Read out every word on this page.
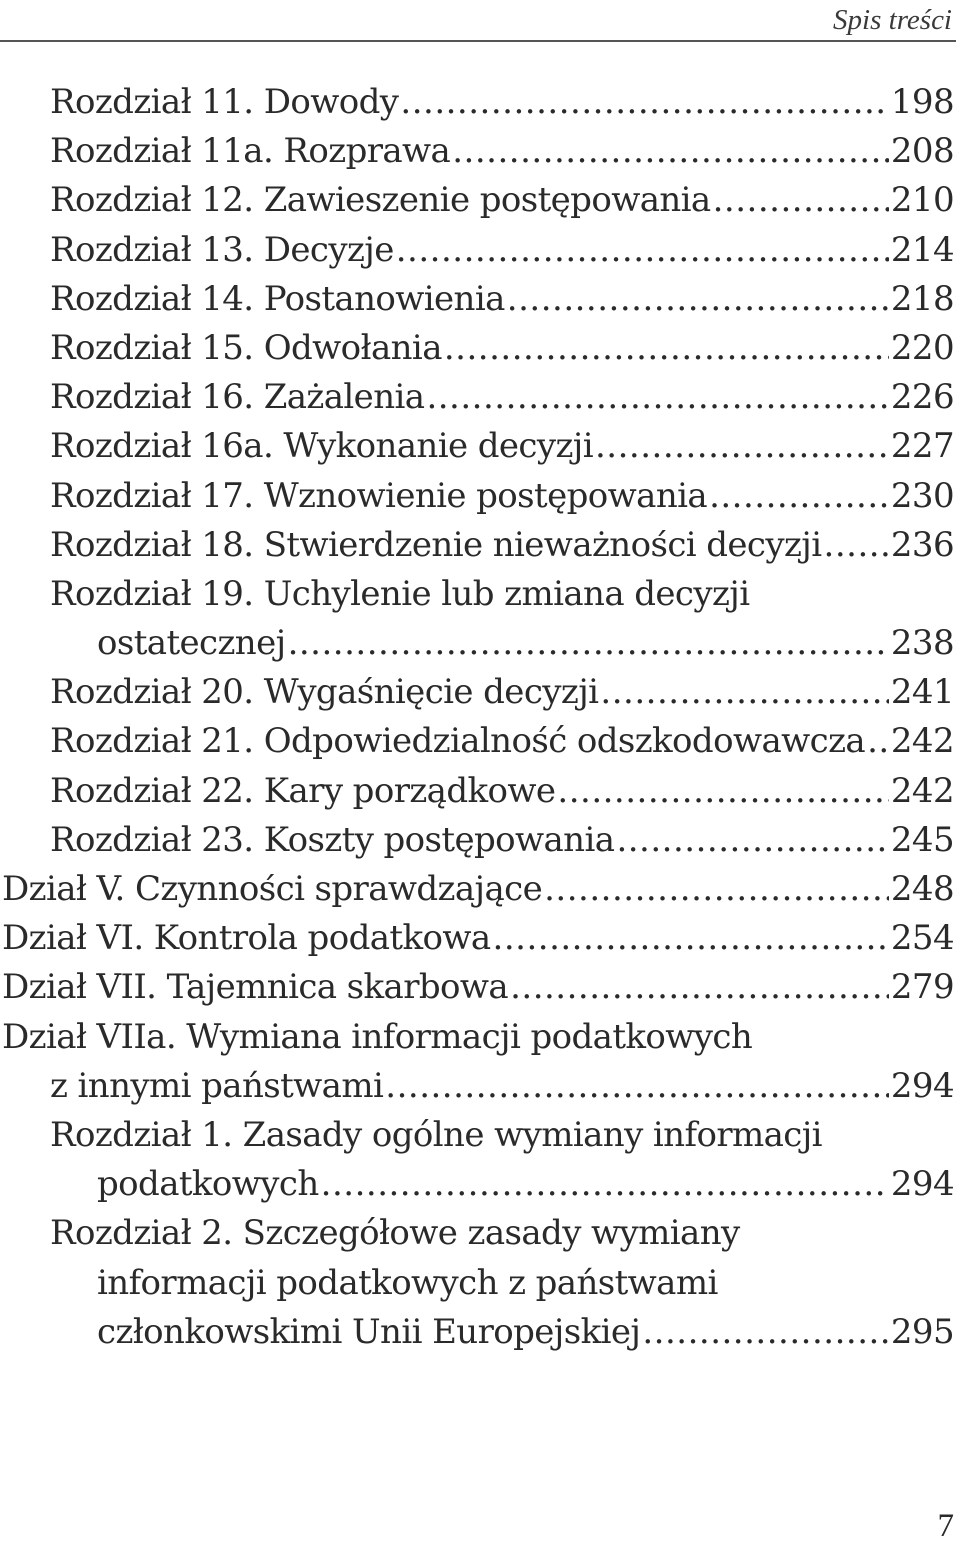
Spis treści
Rozdział 11. Dowody .....	198
Rozdział 11a. Rozprawa .....	208
Rozdział 12. Zawieszenie postępowania .....	210
Rozdział 13. Decyzje .....	214
Rozdział 14. Postanowienia .....	218
Rozdział 15. Odwołania .....	220
Rozdział 16. Zażalenia .....	226
Rozdział 16a. Wykonanie decyzji .....	227
Rozdział 17. Wznowienie postępowania .....	230
Rozdział 18. Stwierdzenie nieważności decyzji ..... 236
Rozdział 19. Uchylenie lub zmiana decyzji
ostatecznej .....	238
Rozdział 20. Wygaśnięcie decyzji .....	241
Rozdział 21. Odpowiedzialność odszkodowawcza ..... 242
Rozdział 22. Kary porządkowe .....	242
Rozdział 23. Koszty postępowania .....	245
Dział V. Czynności sprawdzające .....	248
Dział VI. Kontrola podatkowa .....	254
Dział VII. Tajemnica skarbowa .....	279
Dział VIIa. Wymiana informacji podatkowych
z innymi państwami .....	294
Rozdział 1. Zasady ogólne wymiany informacji
podatkowych .....	294
Rozdział 2. Szczegółowe zasady wymiany
informacji podatkowych z państwami
członkowskimi Unii Europejskiej .....	295
7
